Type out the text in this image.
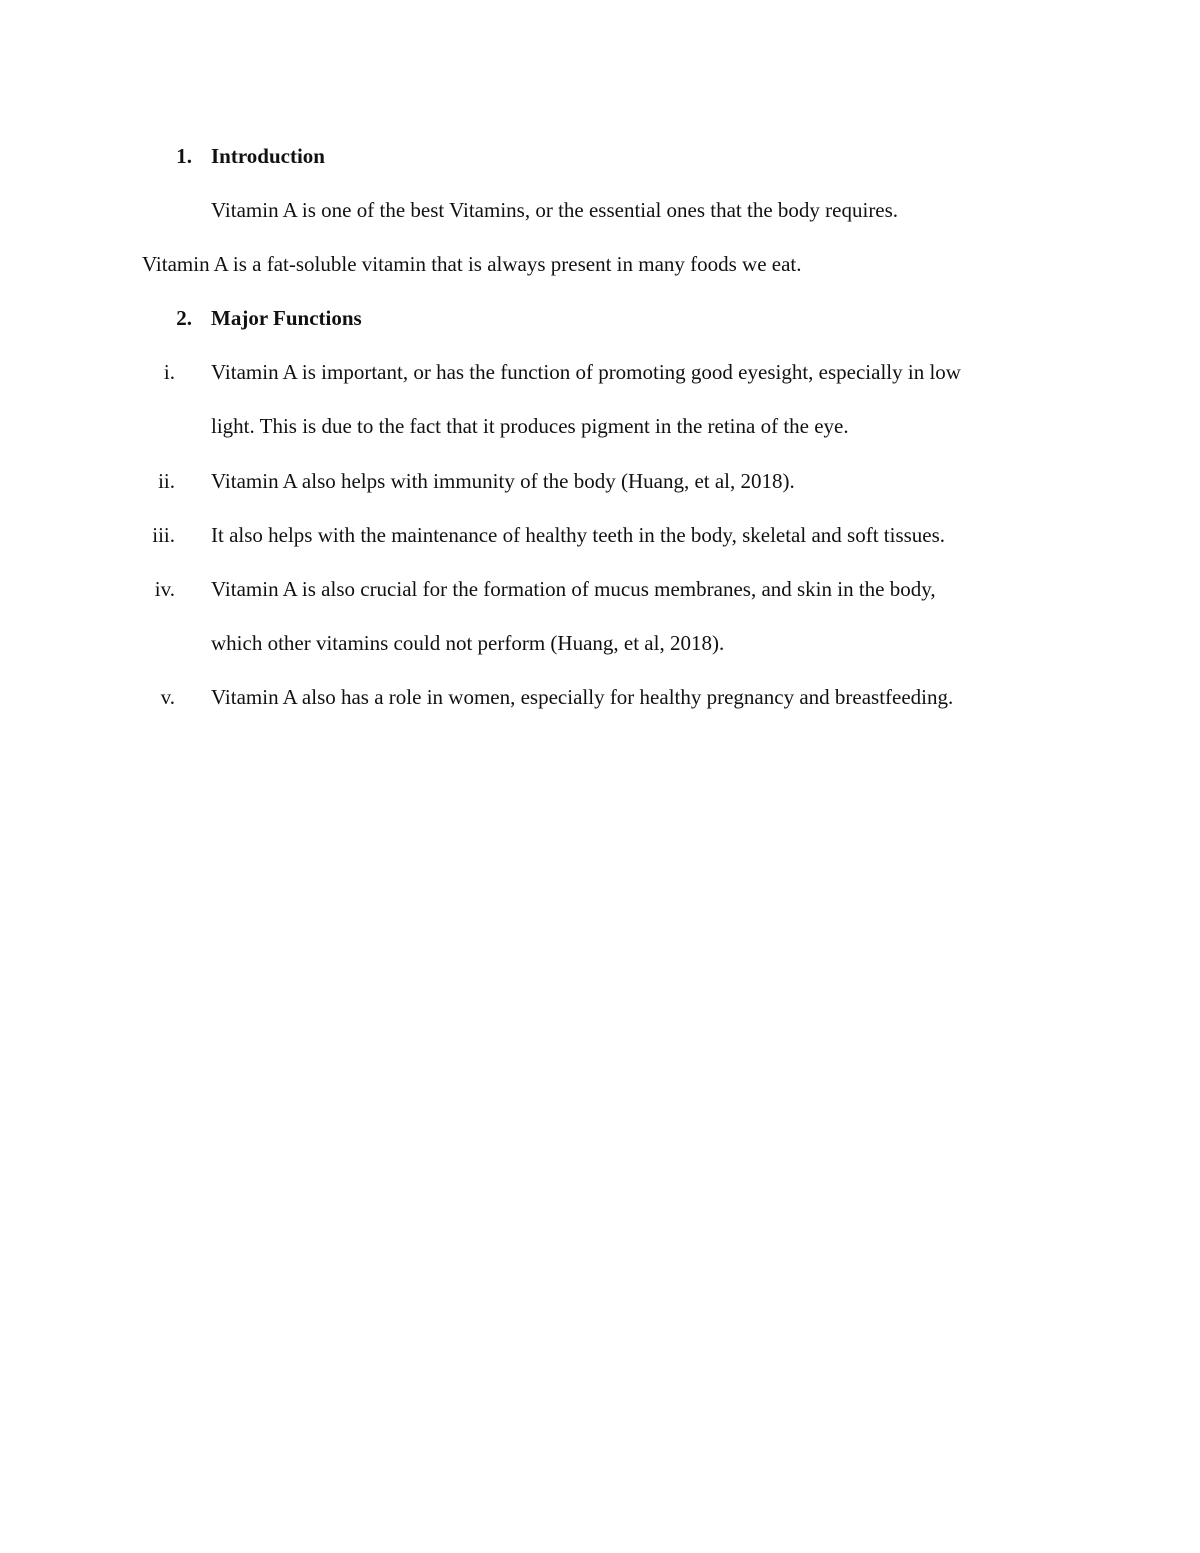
1. Introduction
Vitamin A is one of the best Vitamins, or the essential ones that the body requires.
Vitamin A is a fat-soluble vitamin that is always present in many foods we eat.
2. Major Functions
i. Vitamin A is important, or has the function of promoting good eyesight, especially in low
light. This is due to the fact that it produces pigment in the retina of the eye.
ii. Vitamin A also helps with immunity of the body (Huang, et al, 2018).
iii. It also helps with the maintenance of healthy teeth in the body, skeletal and soft tissues.
iv. Vitamin A is also crucial for the formation of mucus membranes, and skin in the body,
which other vitamins could not perform (Huang, et al, 2018).
v. Vitamin A also has a role in women, especially for healthy pregnancy and breastfeeding.
